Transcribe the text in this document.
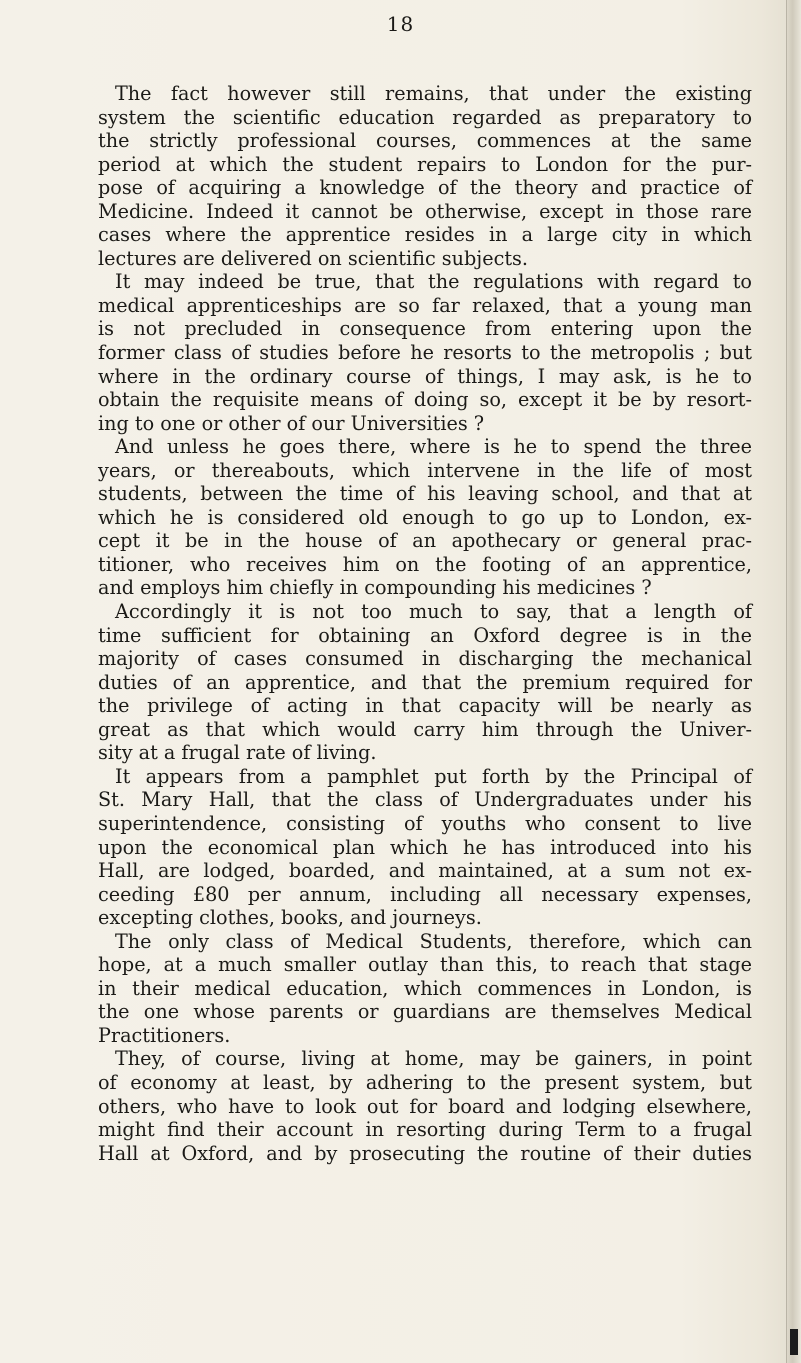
18
The fact however still remains, that under the existing
system the scientific education regarded as preparatory to
the strictly professional courses, commences at the same
period at which the student repairs to London for the pur-
pose of acquiring a knowledge of the theory and practice of
Medicine. Indeed it cannot be otherwise, except in those rare
cases where the apprentice resides in a large city in which
lectures are delivered on scientific subjects.
It may indeed be true, that the regulations with regard to
medical apprenticeships are so far relaxed, that a young man
is not precluded in consequence from entering upon the
former class of studies before he resorts to the metropolis ; but
where in the ordinary course of things, I may ask, is he to
obtain the requisite means of doing so, except it be by resort-
ing to one or other of our Universities ?
And unless he goes there, where is he to spend the three
years, or thereabouts, which intervene in the life of most
students, between the time of his leaving school, and that at
which he is considered old enough to go up to London, ex-
cept it be in the house of an apothecary or general prac-
titioner, who receives him on the footing of an apprentice,
and employs him chiefly in compounding his medicines ?
Accordingly it is not too much to say, that a length of
time sufficient for obtaining an Oxford degree is in the
majority of cases consumed in discharging the mechanical
duties of an apprentice, and that the premium required for
the privilege of acting in that capacity will be nearly as
great as that which would carry him through the Univer-
sity at a frugal rate of living.
It appears from a pamphlet put forth by the Principal of
St. Mary Hall, that the class of Undergraduates under his
superintendence, consisting of youths who consent to live
upon the economical plan which he has introduced into his
Hall, are lodged, boarded, and maintained, at a sum not ex-
ceeding £80 per annum, including all necessary expenses,
excepting clothes, books, and journeys.
The only class of Medical Students, therefore, which can
hope, at a much smaller outlay than this, to reach that stage
in their medical education, which commences in London, is
the one whose parents or guardians are themselves Medical
Practitioners.
They, of course, living at home, may be gainers, in point
of economy at least, by adhering to the present system, but
others, who have to look out for board and lodging elsewhere,
might find their account in resorting during Term to a frugal
Hall at Oxford, and by prosecuting the routine of their duties
